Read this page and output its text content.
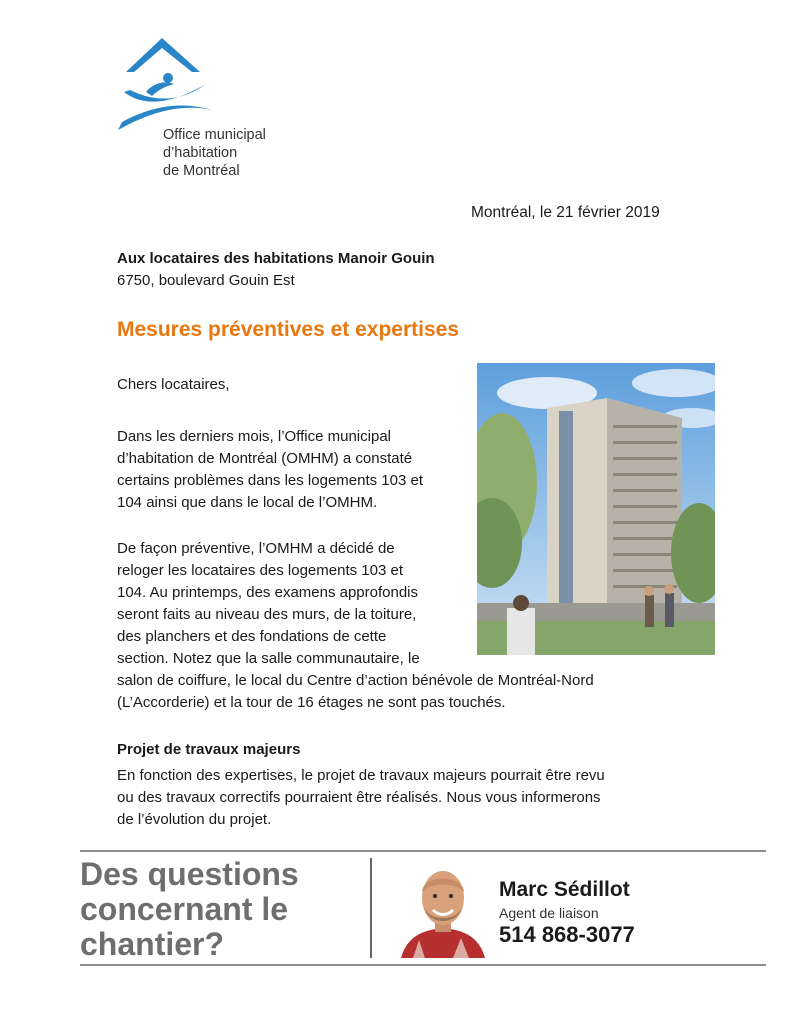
Office municipal
d’habitation
de Montréal
Montréal, le 21 février 2019
Aux locataires des habitations Manoir Gouin
6750, boulevard Gouin Est
Mesures préventives et expertises
Chers locataires,
Dans les derniers mois, l’Office municipal
d’habitation de Montréal (OMHM) a constaté
certains problèmes dans les logements 103 et
104 ainsi que dans le local de l’OMHM.
De façon préventive, l’OMHM a décidé de
reloger les locataires des logements 103 et
104. Au printemps, des examens approfondis
seront faits au niveau des murs, de la toiture,
des planchers et des fondations de cette
section. Notez que la salle communautaire, le
salon de coiffure, le local du Centre d’action bénévole de Montréal-Nord
(L’Accorderie) et la tour de 16 étages ne sont pas touchés.
Projet de travaux majeurs
En fonction des expertises, le projet de travaux majeurs pourrait être revu
ou des travaux correctifs pourraient être réalisés. Nous vous informerons
de l’évolution du projet.
Des questions
concernant le
chantier?
Marc Sédillot
Agent de liaison
514 868-3077
